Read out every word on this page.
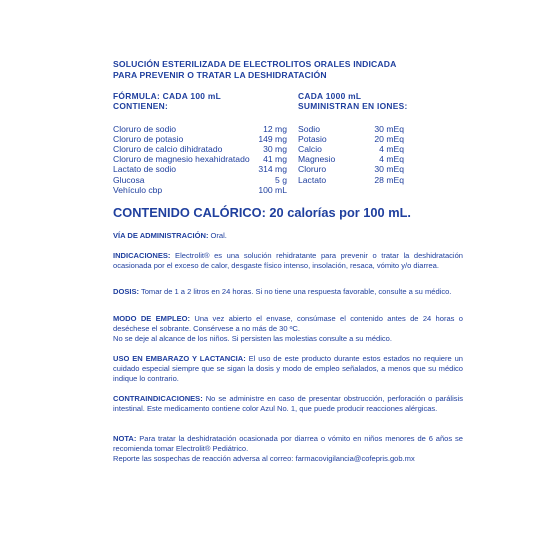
SOLUCIÓN ESTERILIZADA DE ELECTROLITOS ORALES INDICADA
PARA PREVENIR O TRATAR LA DESHIDRATACIÓN
FÓRMULA: CADA 100 mL
CONTIENEN:
Cloruro de sodio	12 mg
Cloruro de potasio	149 mg
Cloruro de calcio dihidratado	30 mg
Cloruro de magnesio hexahidratado	41 mg
Lactato de sodio	314 mg
Glucosa	5 g
Vehículo cbp	100 mL
CADA 1000 mL
SUMINISTRAN EN IONES:
Sodio	30 mEq
Potasio	20 mEq
Calcio	4 mEq
Magnesio	4 mEq
Cloruro	30 mEq
Lactato	28 mEq
CONTENIDO CALÓRICO: 20 calorías por 100 mL.
VÍA DE ADMINISTRACIÓN: Oral.
INDICACIONES: Electrolit® es una solución rehidratante para prevenir o tratar la deshidratación ocasionada por el exceso de calor, desgaste físico intenso, insolación, resaca, vómito y/o diarrea.
DOSIS: Tomar de 1 a 2 litros en 24 horas. Si no tiene una respuesta favorable, consulte a su médico.
MODO DE EMPLEO: Una vez abierto el envase, consúmase el contenido antes de 24 horas o deséchese el sobrante. Consérvese a no más de 30 ºC.
No se deje al alcance de los niños. Si persisten las molestias consulte a su médico.
USO EN EMBARAZO Y LACTANCIA: El uso de este producto durante estos estados no requiere un cuidado especial siempre que se sigan la dosis y modo de empleo señalados, a menos que su médico indique lo contrario.
CONTRAINDICACIONES: No se administre en caso de presentar obstrucción, perforación o parálisis intestinal. Este medicamento contiene color Azul No. 1, que puede producir reacciones alérgicas.
NOTA: Para tratar la deshidratación ocasionada por diarrea o vómito en niños menores de 6 años se recomienda tomar Electrolit® Pediátrico.
Reporte las sospechas de reacción adversa al correo: farmacovigilancia@cofepris.gob.mx
